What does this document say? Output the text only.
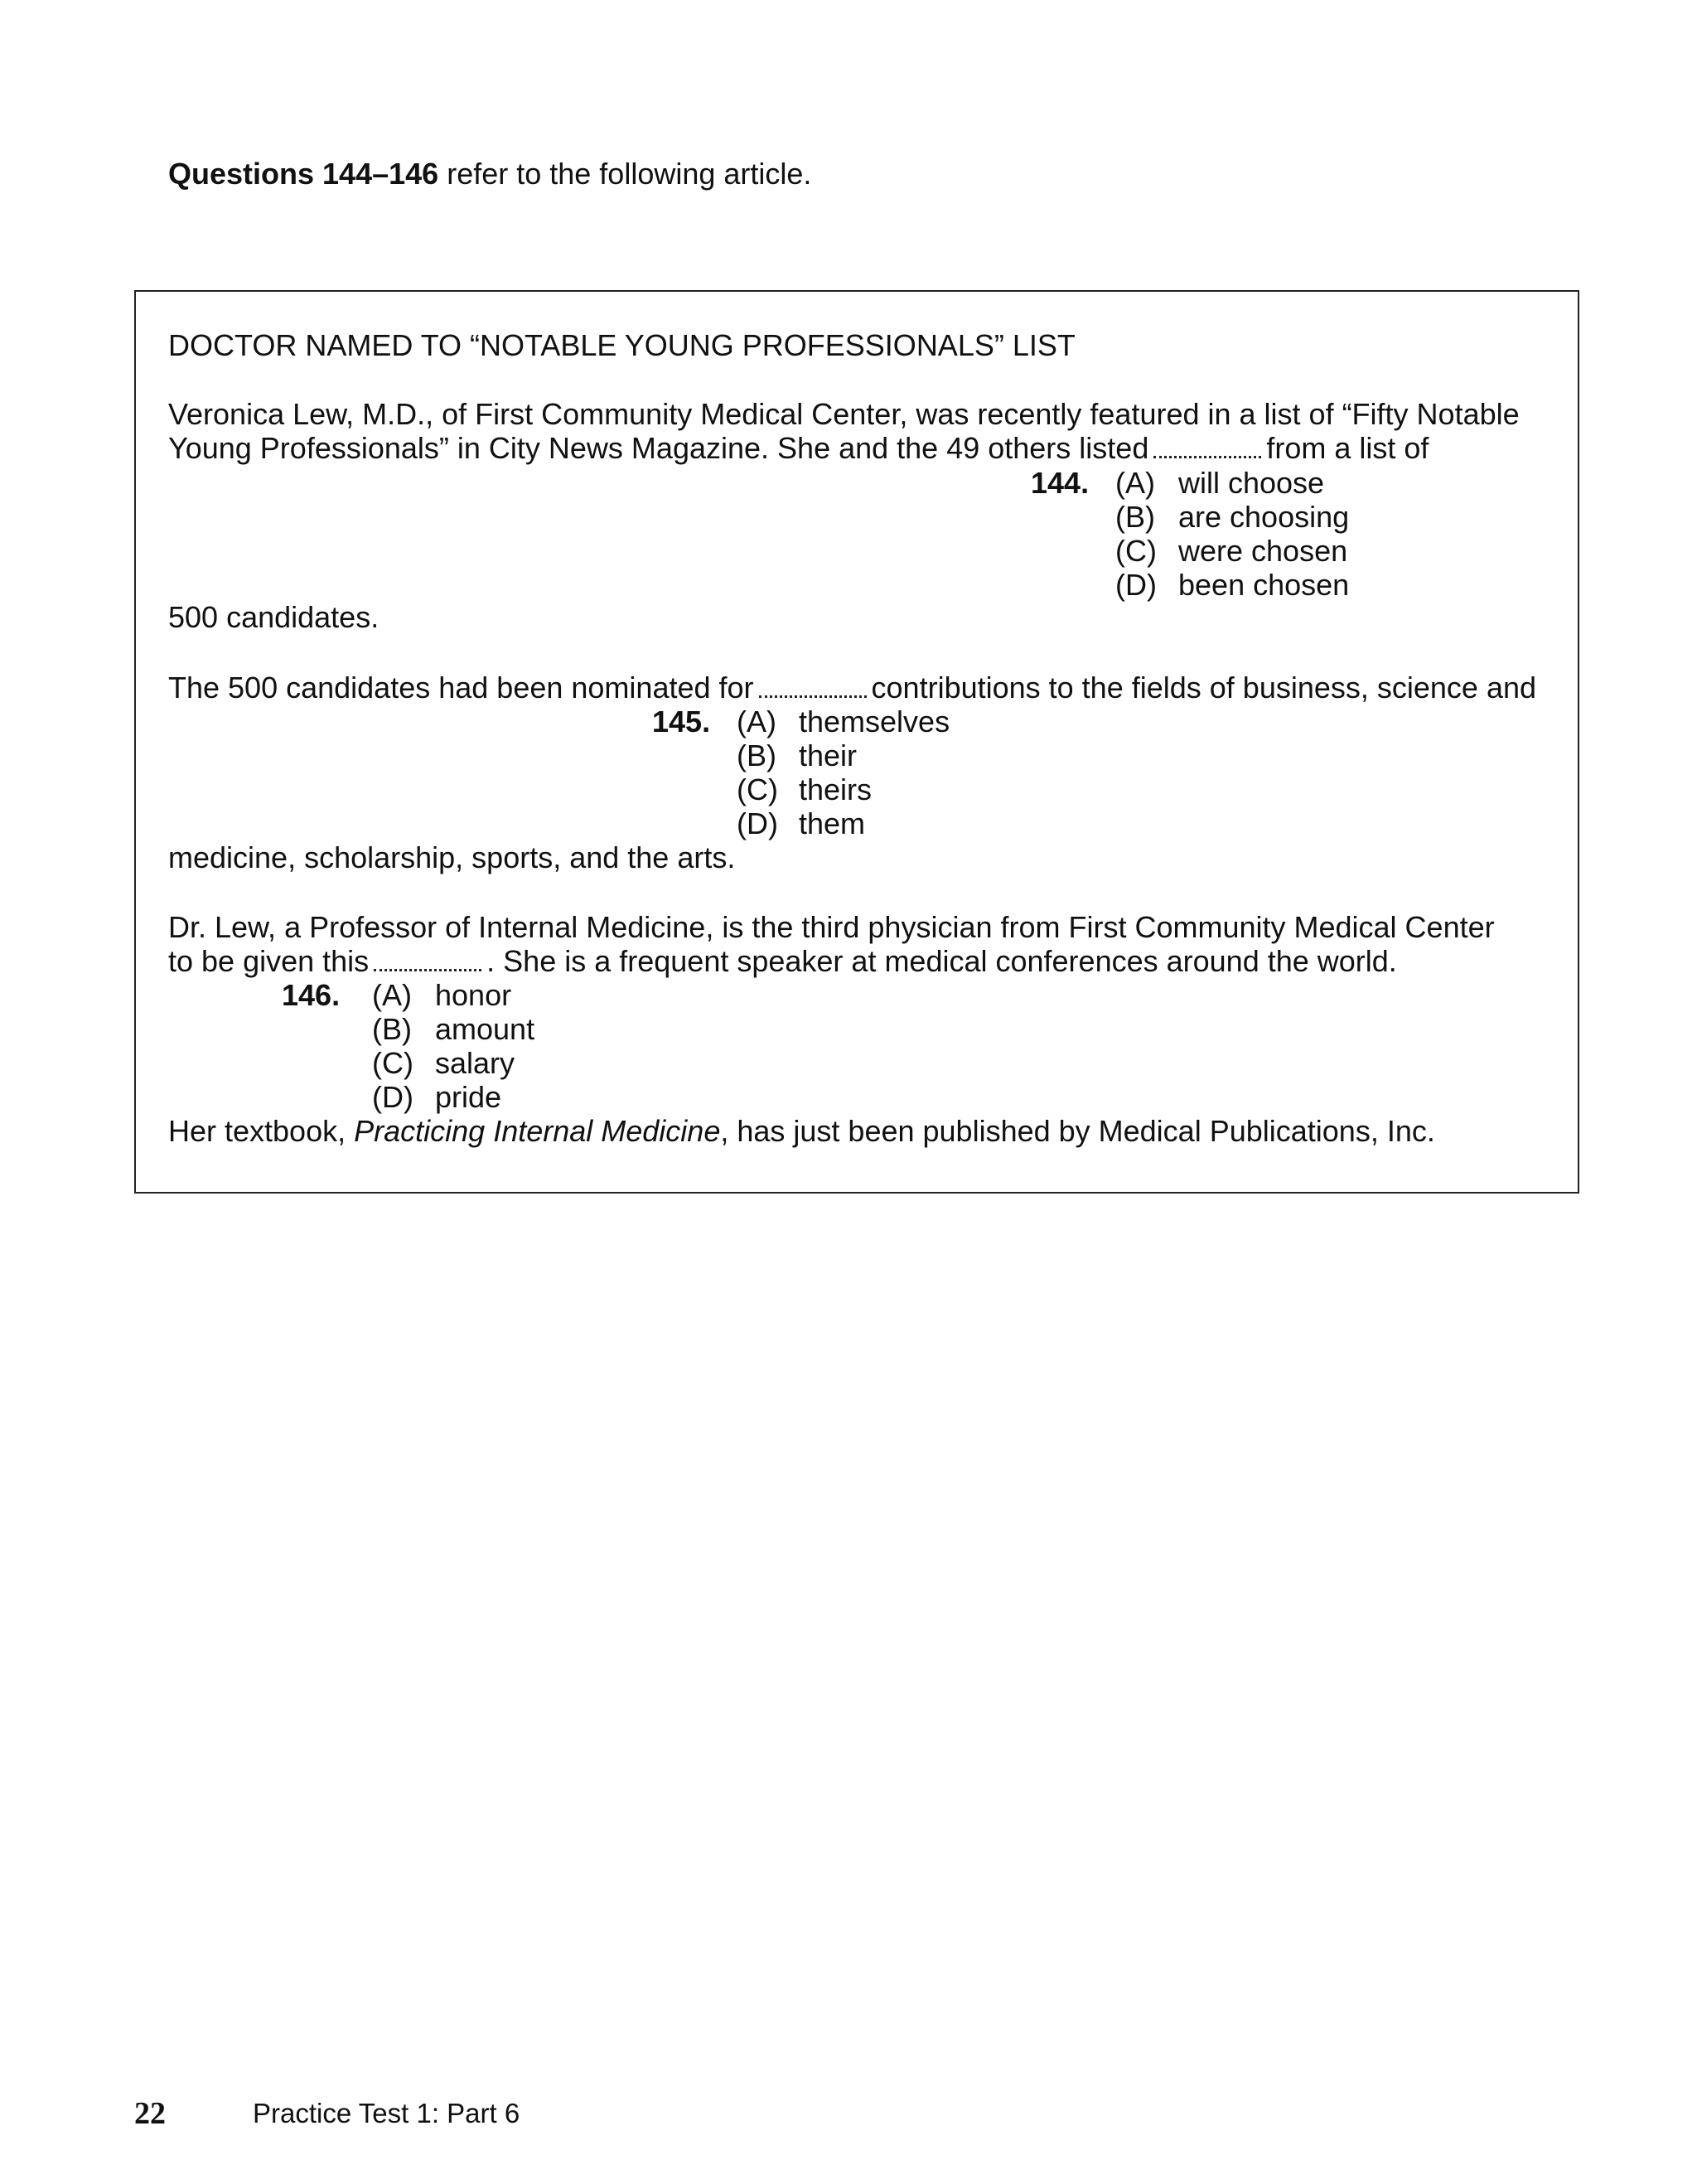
Questions 144–146 refer to the following article.
DOCTOR NAMED TO “NOTABLE YOUNG PROFESSIONALS” LIST
Veronica Lew, M.D., of First Community Medical Center, was recently featured in a list of “Fifty Notable
Young Professionals” in City News Magazine. She and the 49 others listed	from a list of
144. (A) will choose
(B) are choosing
(C) were chosen
(D) been chosen
500 candidates.
The 500 candidates had been nominated for	contributions to the fields of business, science and
145. (A) themselves
(B) their
(C) theirs
(D) them
medicine, scholarship, sports, and the arts.
Dr. Lew, a Professor of Internal Medicine, is the third physician from First Community Medical Center
to be given this	. She is a frequent speaker at medical conferences around the world.
146. (A) honor
(B) amount
(C) salary
(D) pride
Her textbook, Practicing Internal Medicine, has just been published by Medical Publications, Inc.
22	Practice Test 1: Part 6
